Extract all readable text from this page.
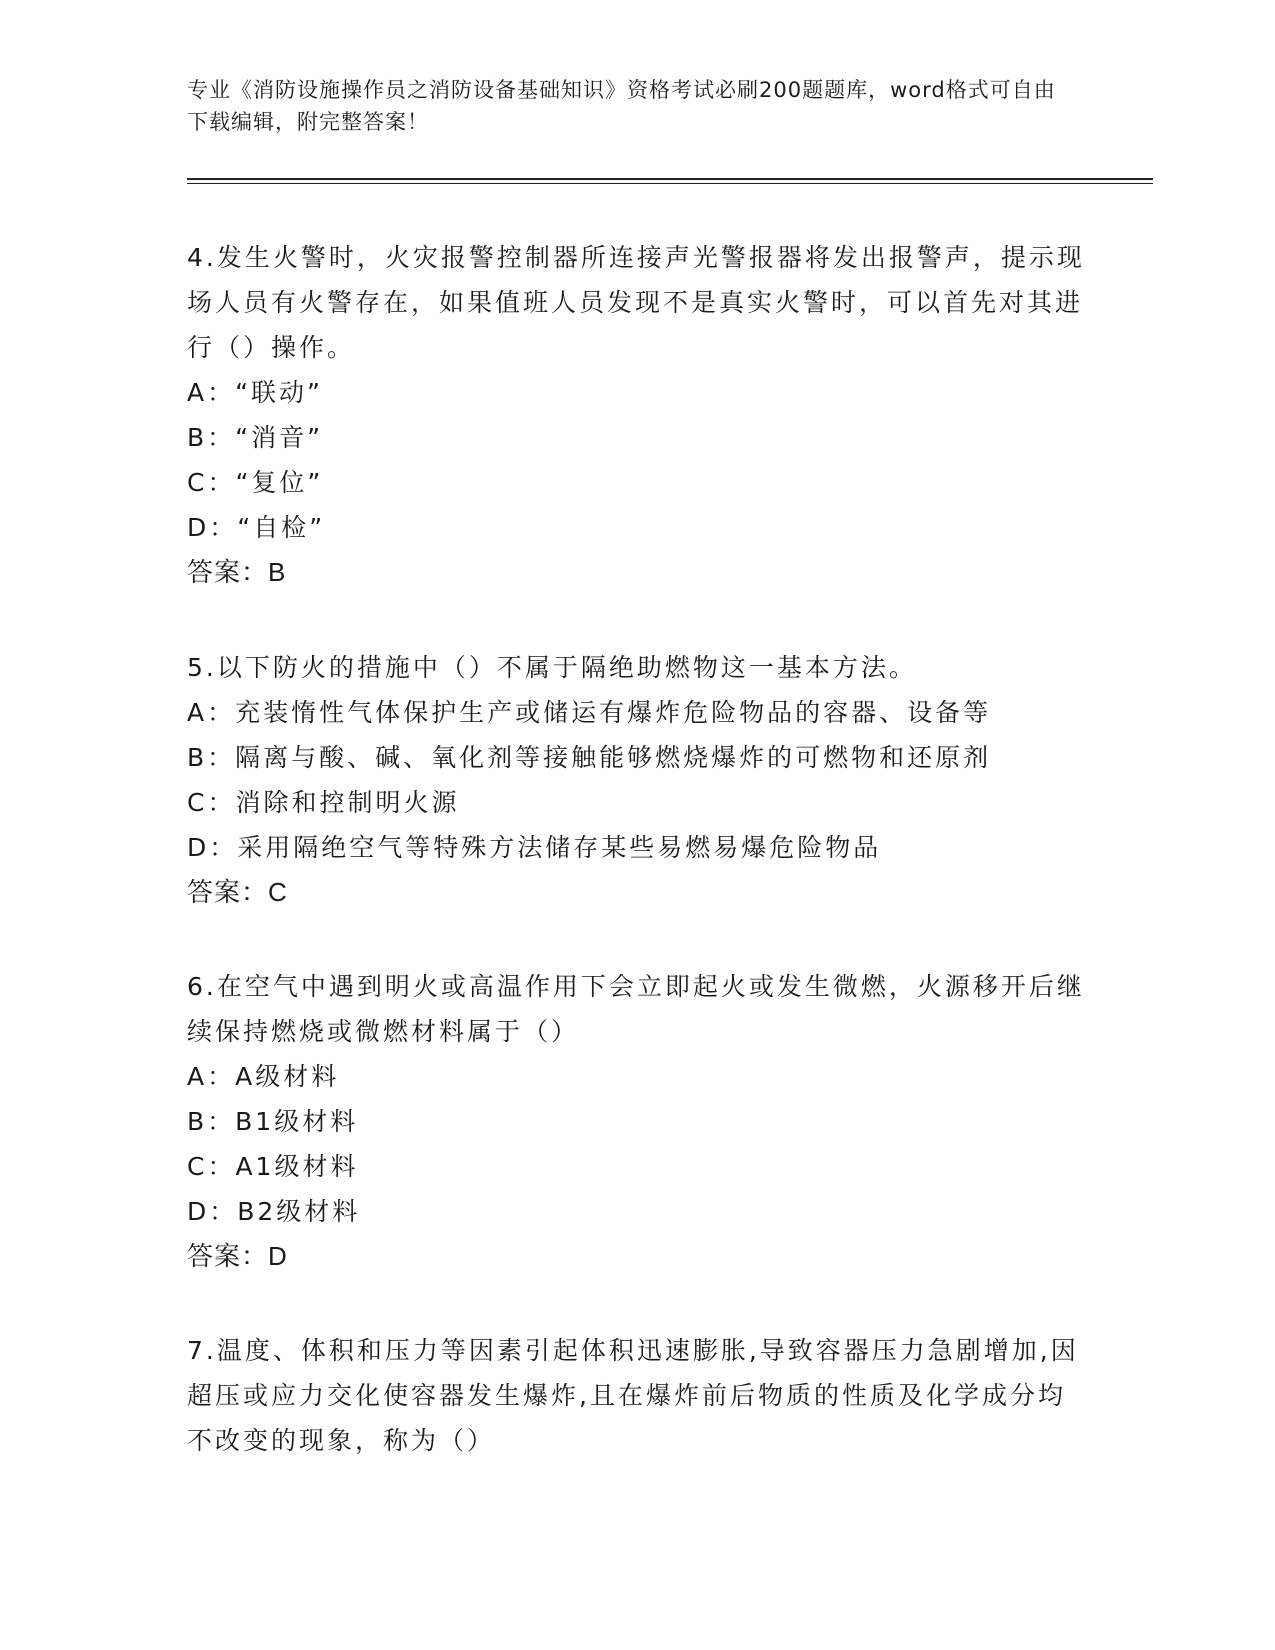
专业《消防设施操作员之消防设备基础知识》资格考试必刷200题题库，word格式可自由下载编辑，附完整答案！
4.发生火警时，火灾报警控制器所连接声光警报器将发出报警声，提示现场人员有火警存在，如果值班人员发现不是真实火警时，可以首先对其进行（）操作。
A：“联动”
B：“消音”
C：“复位”
D：“自检”
答案：B
5.以下防火的措施中（）不属于隔绝助燃物这一基本方法。
A：充装惰性气体保护生产或储运有爆炸危险物品的容器、设备等
B：隔离与酸、碱、氧化剂等接触能够燃烧爆炸的可燃物和还原剂
C：消除和控制明火源
D：采用隔绝空气等特殊方法储存某些易燃易爆危险物品
答案：C
6.在空气中遇到明火或高温作用下会立即起火或发生微燃，火源移开后继续保持燃烧或微燃材料属于（）
A：A级材料
B：B1级材料
C：A1级材料
D：B2级材料
答案：D
7.温度、体积和压力等因素引起体积迅速膨胀,导致容器压力急剧增加,因超压或应力交化使容器发生爆炸,且在爆炸前后物质的性质及化学成分均不改变的现象，称为（）
